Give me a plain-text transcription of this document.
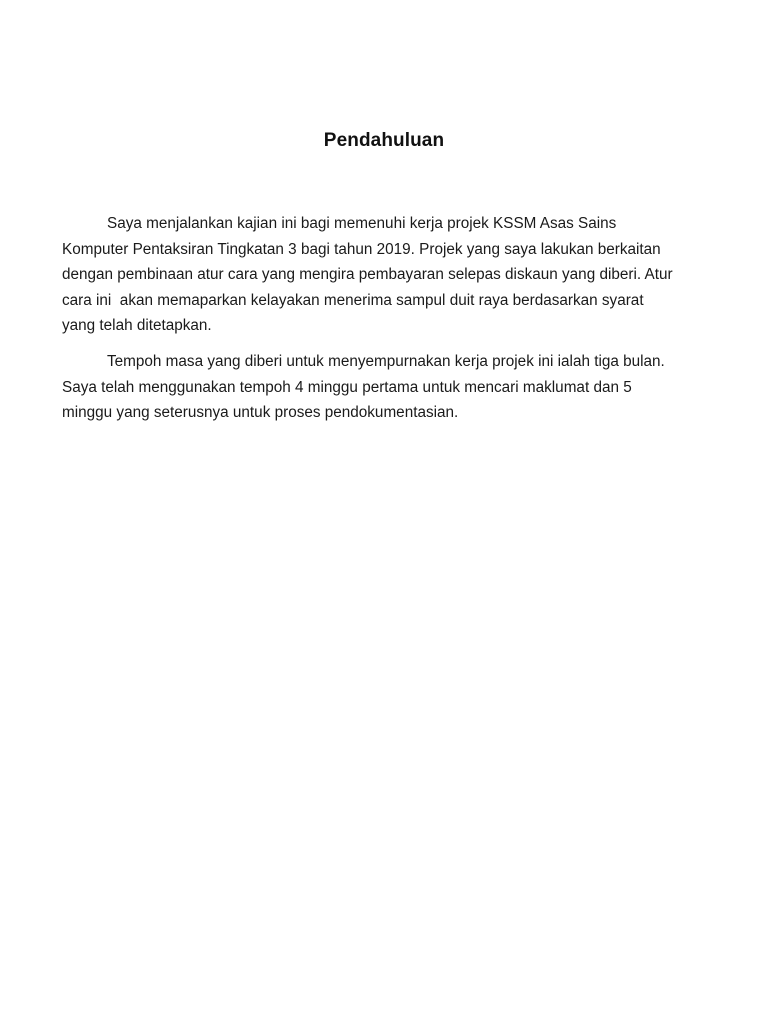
Pendahuluan
Saya menjalankan kajian ini bagi memenuhi kerja projek KSSM Asas Sains
Komputer Pentaksiran Tingkatan 3 bagi tahun 2019. Projek yang saya lakukan berkaitan
dengan pembinaan atur cara yang mengira pembayaran selepas diskaun yang diberi. Atur
cara ini  akan memaparkan kelayakan menerima sampul duit raya berdasarkan syarat
yang telah ditetapkan.
Tempoh masa yang diberi untuk menyempurnakan kerja projek ini ialah tiga bulan.
Saya telah menggunakan tempoh 4 minggu pertama untuk mencari maklumat dan 5
minggu yang seterusnya untuk proses pendokumentasian.
